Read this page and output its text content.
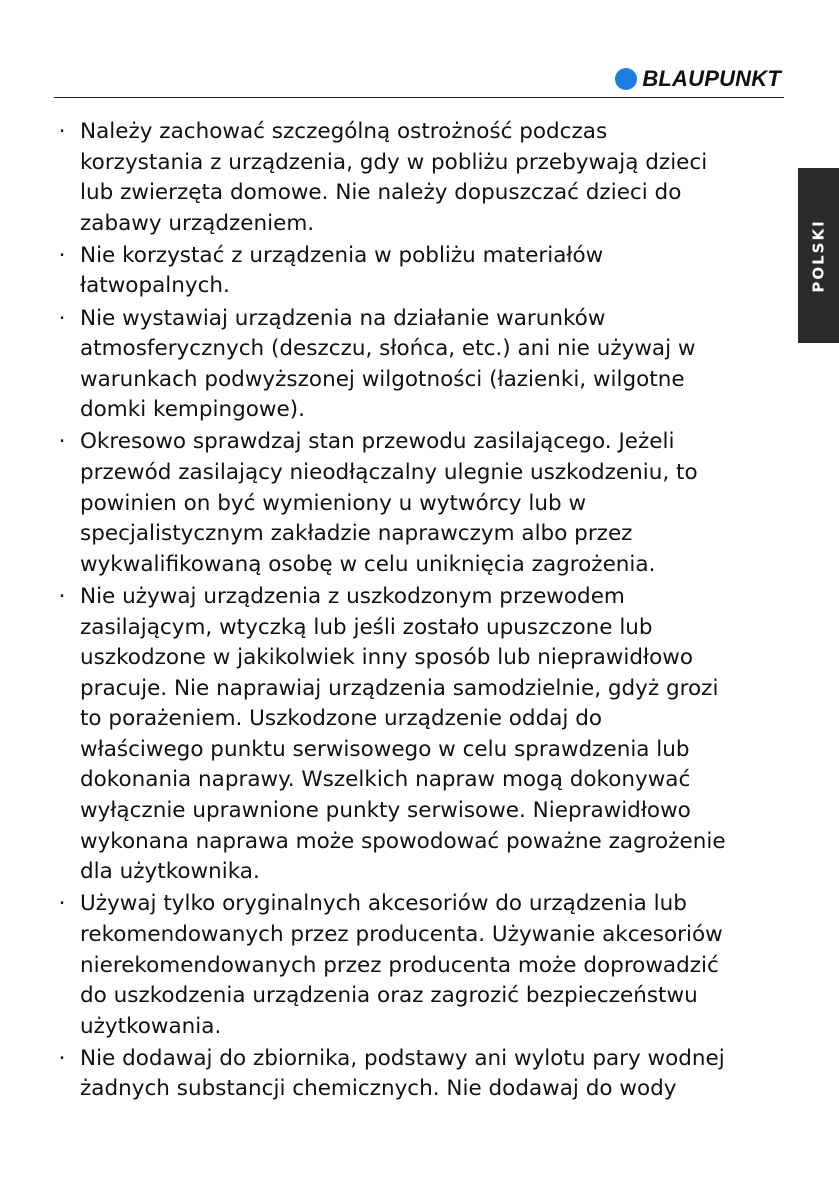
BLAUPUNKT
POLSKI
· Należy zachować szczególną ostrożność podczas
korzystania z urządzenia, gdy w pobliżu przebywają dzieci
lub zwierzęta domowe. Nie należy dopuszczać dzieci do
zabawy urządzeniem.
· Nie korzystać z urządzenia w pobliżu materiałów
łatwopalnych.
· Nie wystawiaj urządzenia na działanie warunków
atmosferycznych (deszczu, słońca, etc.) ani nie używaj w
warunkach podwyższonej wilgotności (łazienki, wilgotne
domki kempingowe).
· Okresowo sprawdzaj stan przewodu zasilającego. Jeżeli
przewód zasilający nieodłączalny ulegnie uszkodzeniu, to
powinien on być wymieniony u wytwórcy lub w
specjalistycznym zakładzie naprawczym albo przez
wykwalifikowaną osobę w celu uniknięcia zagrożenia.
· Nie używaj urządzenia z uszkodzonym przewodem
zasilającym, wtyczką lub jeśli zostało upuszczone lub
uszkodzone w jakikolwiek inny sposób lub nieprawidłowo
pracuje. Nie naprawiaj urządzenia samodzielnie, gdyż grozi
to porażeniem. Uszkodzone urządzenie oddaj do
właściwego punktu serwisowego w celu sprawdzenia lub
dokonania naprawy. Wszelkich napraw mogą dokonywać
wyłącznie uprawnione punkty serwisowe. Nieprawidłowo
wykonana naprawa może spowodować poważne zagrożenie
dla użytkownika.
· Używaj tylko oryginalnych akcesoriów do urządzenia lub
rekomendowanych przez producenta. Używanie akcesoriów
nierekomendowanych przez producenta może doprowadzić
do uszkodzenia urządzenia oraz zagrozić bezpieczeństwu
użytkowania.
· Nie dodawaj do zbiornika, podstawy ani wylotu pary wodnej
żadnych substancji chemicznych. Nie dodawaj do wody
